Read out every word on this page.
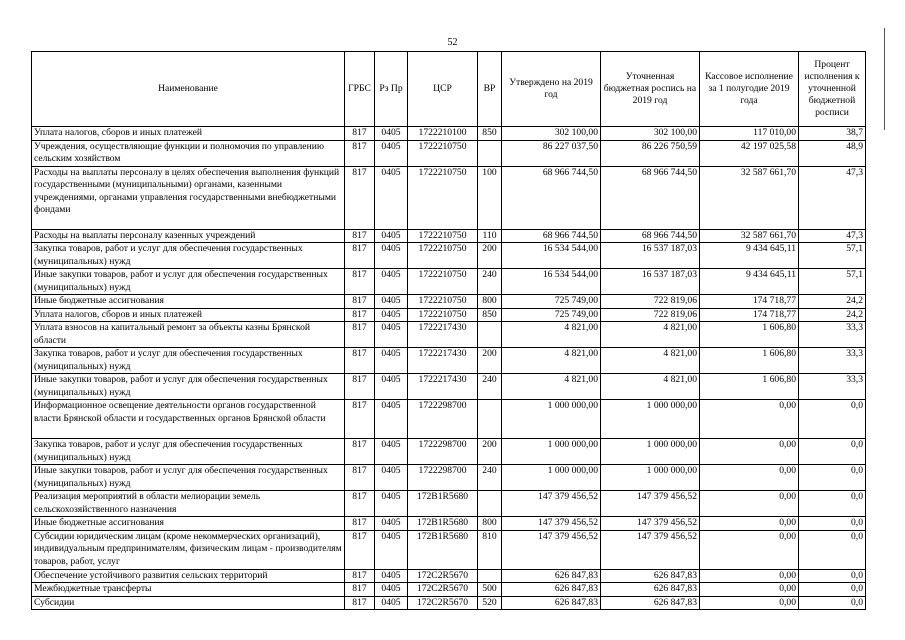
52
Наименование	ГРБС	Рз Пр	ЦСР	ВР	Утверждено на 2019 год	Уточненная бюджетная роспись на 2019 год	Кассовое исполнение за 1 полугодие 2019 года	Процент исполнения к уточненной бюджетной росписи
Уплата налогов, сборов и иных платежей	817	0405	1722210100	850	302 100,00	302 100,00	117 010,00	38,7
Учреждения, осуществляющие функции и полномочия по управлению сельским хозяйством	817	0405	1722210750		86 227 037,50	86 226 750,59	42 197 025,58	48,9
Расходы на выплаты персоналу в целях обеспечения выполнения функций государственными (муниципальными) органами, казенными учреждениями, органами управления государственными внебюджетными фондами	817	0405	1722210750	100	68 966 744,50	68 966 744,50	32 587 661,70	47,3
Расходы на выплаты персоналу казенных учреждений	817	0405	1722210750	110	68 966 744,50	68 966 744,50	32 587 661,70	47,3
Закупка товаров, работ и услуг для обеспечения государственных (муниципальных) нужд	817	0405	1722210750	200	16 534 544,00	16 537 187,03	9 434 645,11	57,1
Иные закупки товаров, работ и услуг для обеспечения государственных (муниципальных) нужд	817	0405	1722210750	240	16 534 544,00	16 537 187,03	9 434 645,11	57,1
Иные бюджетные ассигнования	817	0405	1722210750	800	725 749,00	722 819,06	174 718,77	24,2
Уплата налогов, сборов и иных платежей	817	0405	1722210750	850	725 749,00	722 819,06	174 718,77	24,2
Уплата взносов на капитальный ремонт за объекты казны Брянской области	817	0405	1722217430		4 821,00	4 821,00	1 606,80	33,3
Закупка товаров, работ и услуг для обеспечения государственных (муниципальных) нужд	817	0405	1722217430	200	4 821,00	4 821,00	1 606,80	33,3
Иные закупки товаров, работ и услуг для обеспечения государственных (муниципальных) нужд	817	0405	1722217430	240	4 821,00	4 821,00	1 606,80	33,3
Информационное освещение деятельности органов государственной власти Брянской области и государственных органов Брянской области	817	0405	1722298700		1 000 000,00	1 000 000,00	0,00	0,0
Закупка товаров, работ и услуг для обеспечения государственных (муниципальных) нужд	817	0405	1722298700	200	1 000 000,00	1 000 000,00	0,00	0,0
Иные закупки товаров, работ и услуг для обеспечения государственных (муниципальных) нужд	817	0405	1722298700	240	1 000 000,00	1 000 000,00	0,00	0,0
Реализация мероприятий в области мелиорации земель сельскохозяйственного назначения	817	0405	172B1R5680		147 379 456,52	147 379 456,52	0,00	0,0
Иные бюджетные ассигнования	817	0405	172B1R5680	800	147 379 456,52	147 379 456,52	0,00	0,0
Субсидии юридическим лицам (кроме некоммерческих организаций), индивидуальным предпринимателям, физическим лицам - производителям товаров, работ, услуг	817	0405	172B1R5680	810	147 379 456,52	147 379 456,52	0,00	0,0
Обеспечение устойчивого развития сельских территорий	817	0405	172C2R5670		626 847,83	626 847,83	0,00	0,0
Межбюджетные трансферты	817	0405	172C2R5670	500	626 847,83	626 847,83	0,00	0,0
Субсидии	817	0405	172C2R5670	520	626 847,83	626 847,83	0,00	0,0
